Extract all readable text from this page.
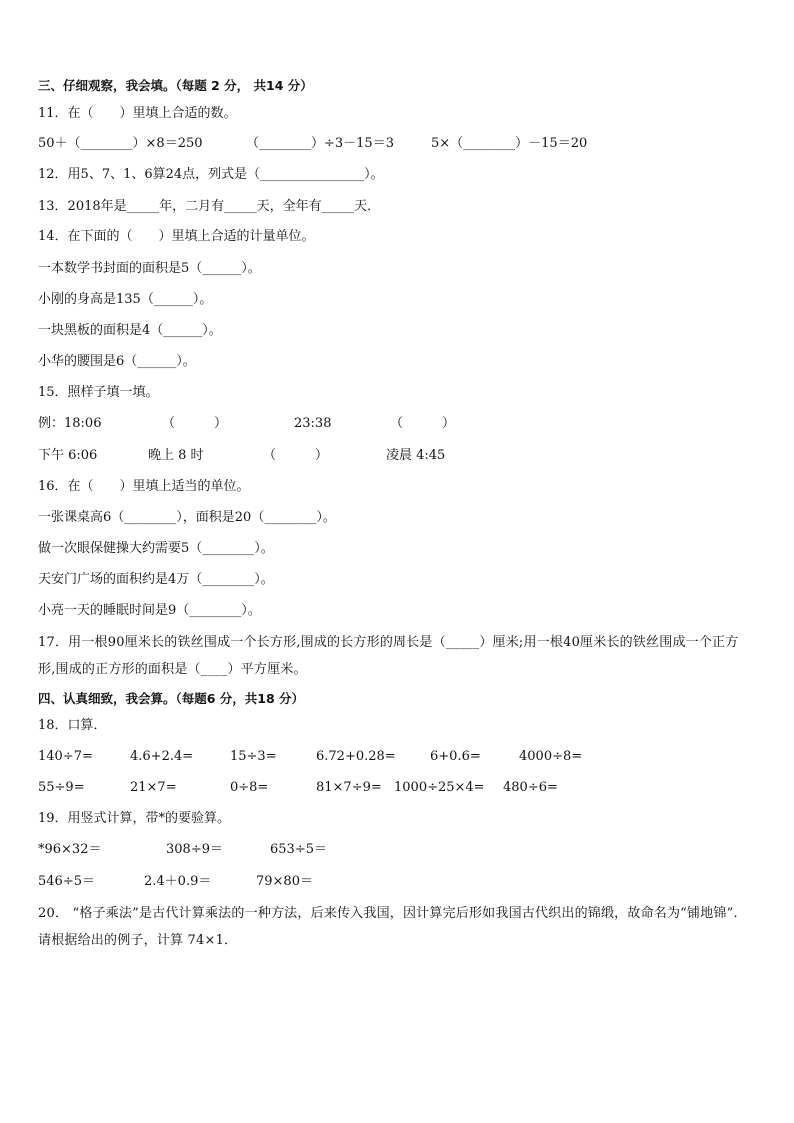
三、仔细观察，我会填。（每题 2 分， 共14 分）
11．在（　　）里填上合适的数。
50＋（________）×8＝250	（________）÷3－15＝3	5×（________）－15＝20
12．用5、7、1、6算24点，列式是（________________）。
13．2018年是_____年，二月有_____天，全年有_____天．
14．在下面的（　　）里填上合适的计量单位。
一本数学书封面的面积是5（______）。
小刚的身高是135（______）。
一块黑板的面积是4（______）。
小华的腰围是6（______）。
15．照样子填一填。
例：18:06	（　　　）	23:38	（　　　）
下午 6:06	晚上 8 时	（　　　）	凌晨 4:45
16．在（　　）里填上适当的单位。
一张课桌高6（________），面积是20（________）。
做一次眼保健操大约需要5（________）。
天安门广场的面积约是4万（________）。
小亮一天的睡眠时间是9（________）。
17．用一根90厘米长的铁丝围成一个长方形,围成的长方形的周长是（_____）厘米;用一根40厘米长的铁丝围成一个正方形,围成的正方形的面积是（____）平方厘米。
四、认真细致，我会算。（每题6 分，共18 分）
18．口算．
140÷7=	4.6+2.4=	15÷3=	6.72+0.28=	6+0.6=	4000÷8=
55÷9=	21×7=	0÷8=	81×7÷9= 1000÷25×4= 480÷6=
19．用竖式计算，带*的要验算。
*96×32＝	308÷9＝	653÷5＝
546÷5＝	2.4＋0.9＝	79×80＝
20． “格子乘法”是古代计算乘法的一种方法，后来传入我国，因计算完后形如我国古代织出的锦缎，故命名为“铺地锦”．请根据给出的例子，计算 74×1．
